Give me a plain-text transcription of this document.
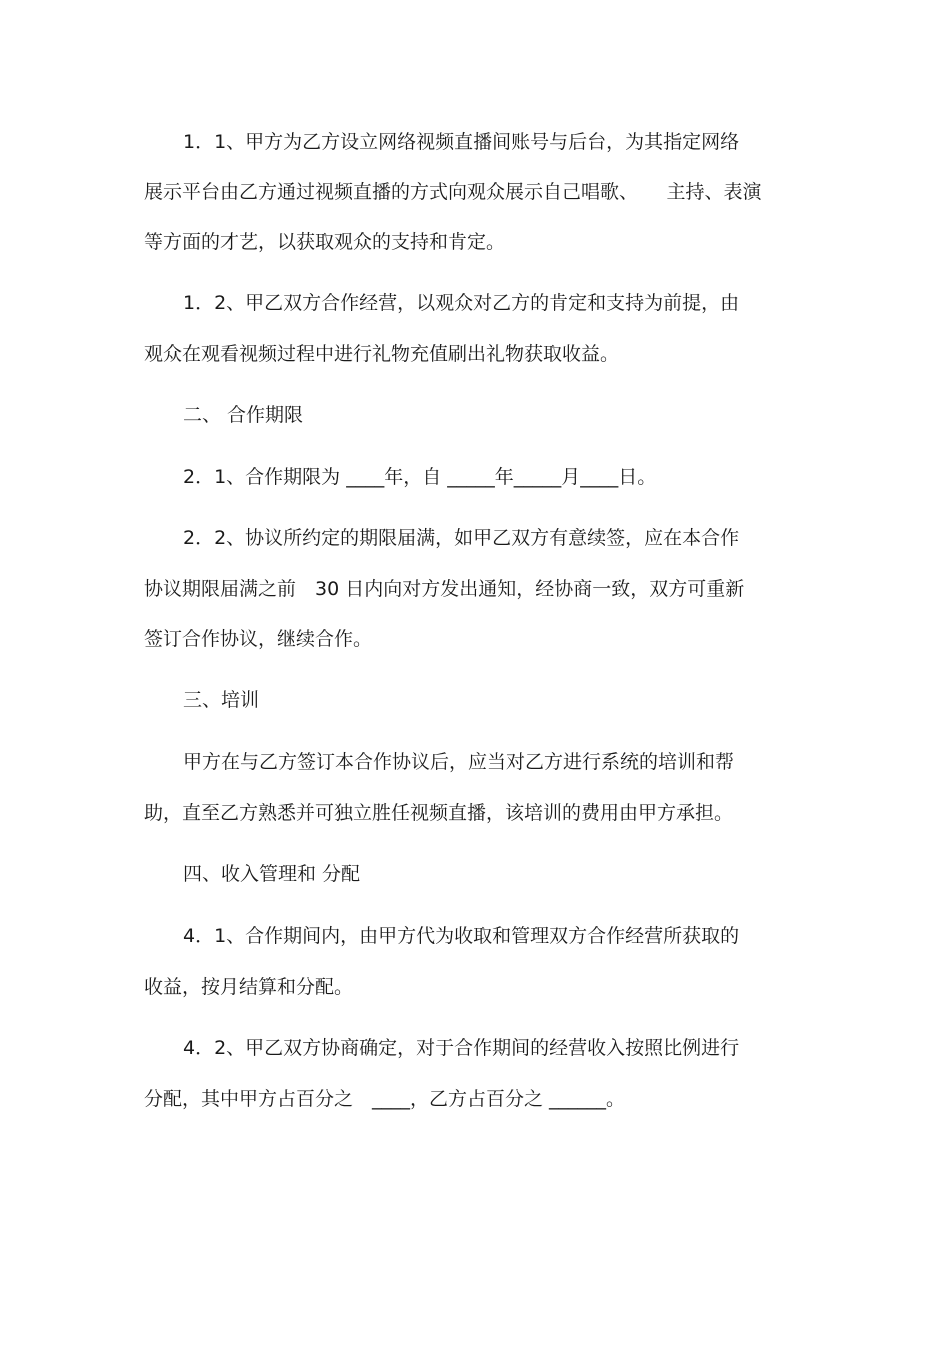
1．1、甲方为乙方设立网络视频直播间账号与后台，为其指定网络
展示平台由乙方通过视频直播的方式向观众展示自己唱歌、　　主持、表演
等方面的才艺，以获取观众的支持和肯定。
1．2、甲乙双方合作经营，以观众对乙方的肯定和支持为前提，由
观众在观看视频过程中进行礼物充值刷出礼物获取收益。
二、 合作期限
2．1、合作期限为 ____年，自 _____年_____月____日。
2．2、协议所约定的期限届满，如甲乙双方有意续签，应在本合作
协议期限届满之前　30 日内向对方发出通知，经协商一致，双方可重新
签订合作协议，继续合作。
三、培训
甲方在与乙方签订本合作协议后，应当对乙方进行系统的培训和帮
助，直至乙方熟悉并可独立胜任视频直播，该培训的费用由甲方承担。
四、收入管理和 分配
4．1、合作期间内，由甲方代为收取和管理双方合作经营所获取的
收益，按月结算和分配。
4．2、甲乙双方协商确定，对于合作期间的经营收入按照比例进行
分配，其中甲方占百分之　____，乙方占百分之 ______。
